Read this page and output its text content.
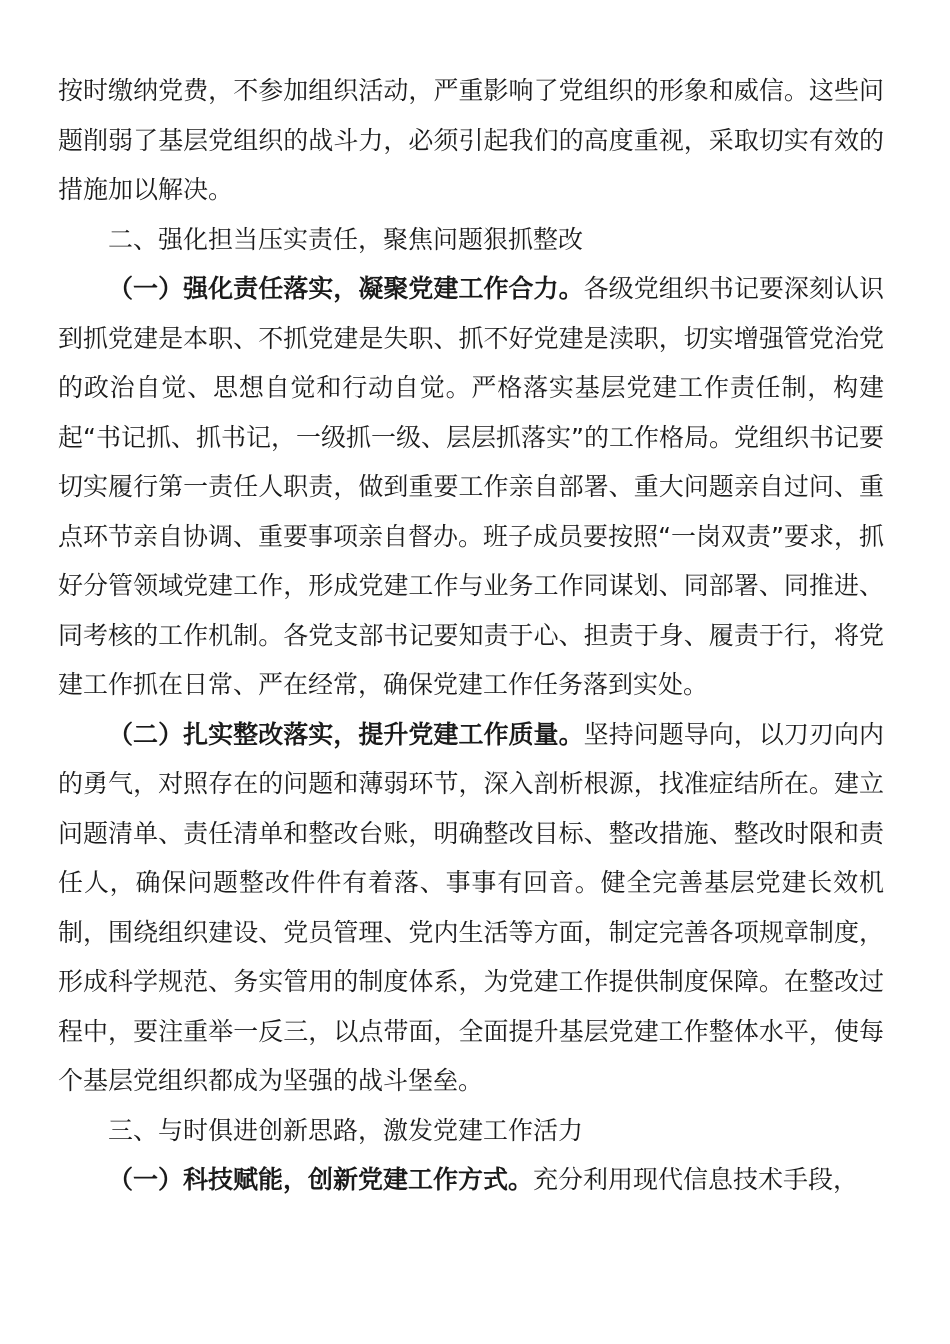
按时缴纳党费，不参加组织活动，严重影响了党组织的形象和威信。这些问题削弱了基层党组织的战斗力，必须引起我们的高度重视，采取切实有效的措施加以解决。

二、强化担当压实责任，聚焦问题狠抓整改

（一）强化责任落实，凝聚党建工作合力。各级党组织书记要深刻认识到抓党建是本职、不抓党建是失职、抓不好党建是渎职，切实增强管党治党的政治自觉、思想自觉和行动自觉。严格落实基层党建工作责任制，构建起“书记抓、抓书记，一级抓一级、层层抓落实”的工作格局。党组织书记要切实履行第一责任人职责，做到重要工作亲自部署、重大问题亲自过问、重点环节亲自协调、重要事项亲自督办。班子成员要按照“一岗双责”要求，抓好分管领域党建工作，形成党建工作与业务工作同谋划、同部署、同推进、同考核的工作机制。各党支部书记要知责于心、担责于身、履责于行，将党建工作抓在日常、严在经常，确保党建工作任务落到实处。

（二）扎实整改落实，提升党建工作质量。坚持问题导向，以刀刃向内的勇气，对照存在的问题和薄弱环节，深入剖析根源，找准症结所在。建立问题清单、责任清单和整改台账，明确整改目标、整改措施、整改时限和责任人，确保问题整改件件有着落、事事有回音。健全完善基层党建长效机制，围绕组织建设、党员管理、党内生活等方面，制定完善各项规章制度，形成科学规范、务实管用的制度体系，为党建工作提供制度保障。在整改过程中，要注重举一反三，以点带面，全面提升基层党建工作整体水平，使每个基层党组织都成为坚强的战斗堡垒。

三、与时俱进创新思路，激发党建工作活力

（一）科技赋能，创新党建工作方式。充分利用现代信息技术手段，
